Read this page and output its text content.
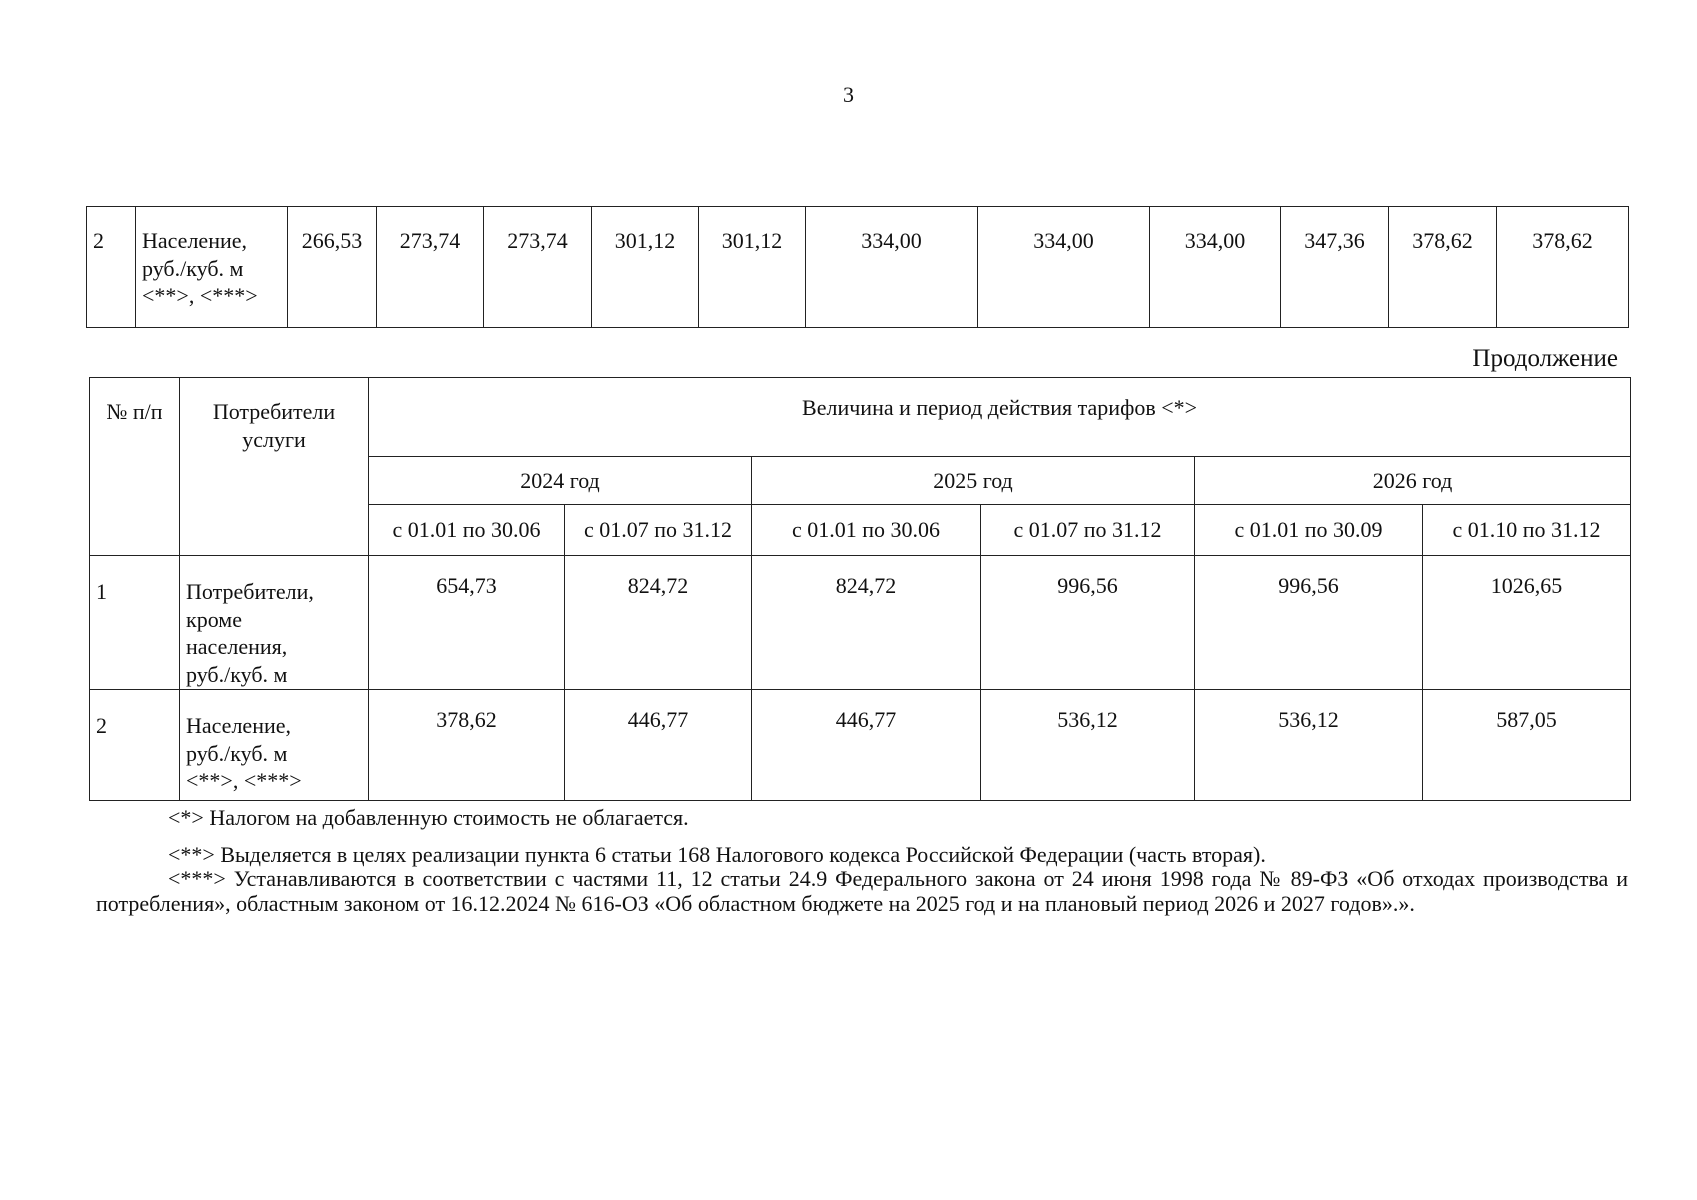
3
2	Население,
руб./куб. м
<**>, <***>
	266,53	273,74	273,74	301,12	301,12	334,00	334,00	334,00	347,36	378,62	378,62
Продолжение
№ п/п	Потребители
услуги	Величина и период действия тарифов <*>					
		2024 год		2025 год		2026 год	
		с 01.01 по 30.06	с 01.07 по 31.12	с 01.01 по 30.06	с 01.07 по 31.12	с 01.01 по 30.09	с 01.10 по 31.12
1	Потребители,
кроме
населения,
руб./куб. м	654,73	824,72	824,72	996,56	996,56	1026,65
2	Население,
руб./куб. м
<**>, <***>	378,62	446,77	446,77	536,12	536,12	587,05

<*> Налогом на добавленную стоимость не облагается.

<**> Выделяется в целях реализации пункта 6 статьи 168 Налогового кодекса Российской Федерации (часть вторая).

<***> Устанавливаются в соответствии с частями 11, 12 статьи 24.9 Федерального закона от 24 июня 1998 года № 89-ФЗ «Об отходах производства и потребления», областным законом от 16.12.2024 № 616-ОЗ «Об областном бюджете на 2025 год и на плановый период 2026 и 2027 годов».».
